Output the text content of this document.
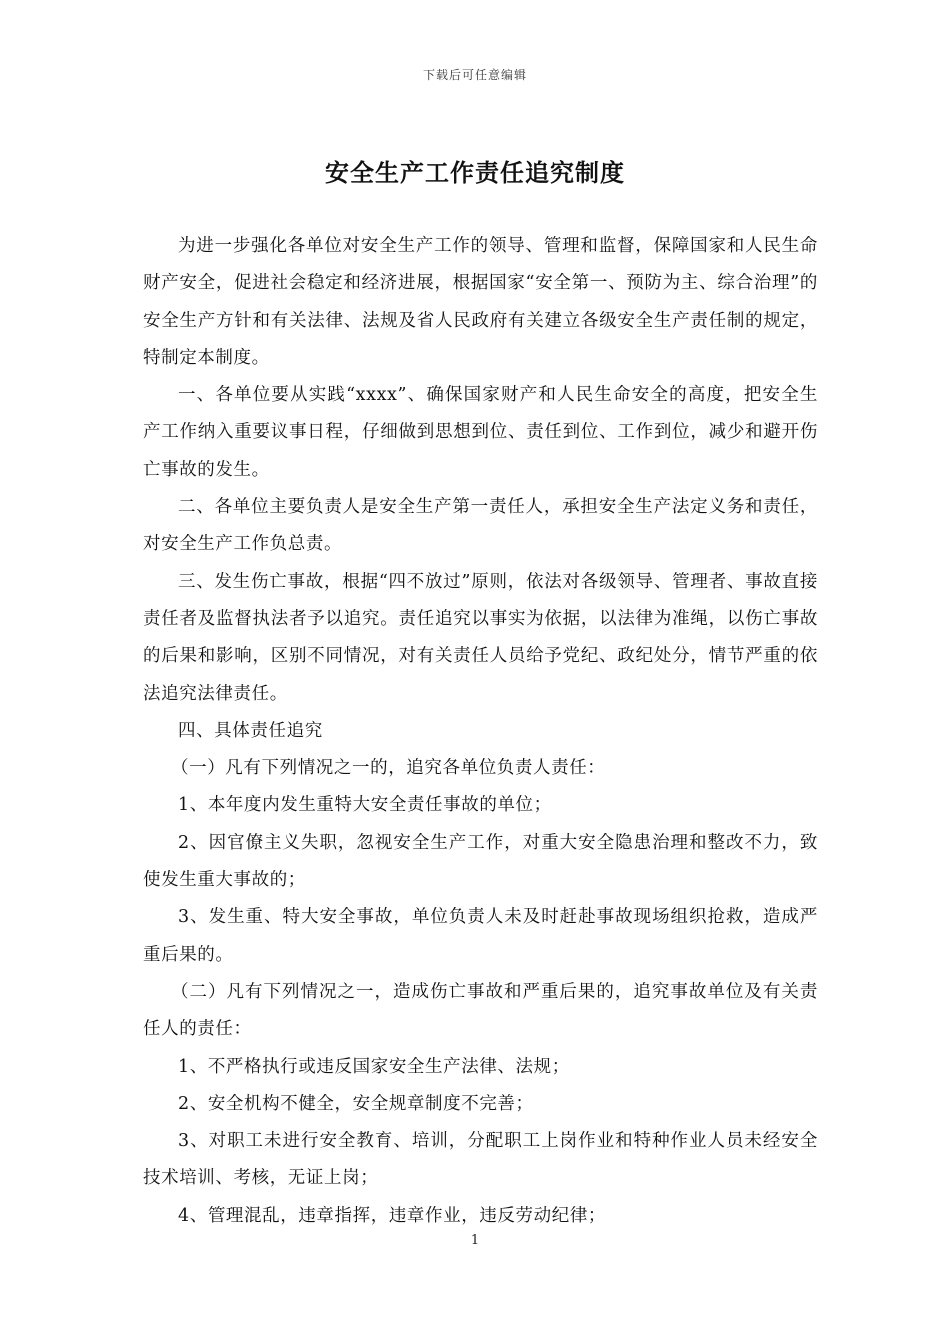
下载后可任意编辑
安全生产工作责任追究制度

为进一步强化各单位对安全生产工作的领导、管理和监督，保障国家和人民生命财产安全，促进社会稳定和经济进展，根据国家“安全第一、预防为主、综合治理”的安全生产方针和有关法律、法规及省人民政府有关建立各级安全生产责任制的规定，特制定本制度。

一、各单位要从实践“xxxx”、确保国家财产和人民生命安全的高度，把安全生产工作纳入重要议事日程，仔细做到思想到位、责任到位、工作到位，减少和避开伤亡事故的发生。

二、各单位主要负责人是安全生产第一责任人，承担安全生产法定义务和责任，对安全生产工作负总责。

三、发生伤亡事故，根据“四不放过”原则，依法对各级领导、管理者、事故直接责任者及监督执法者予以追究。责任追究以事实为依据，以法律为准绳，以伤亡事故的后果和影响，区别不同情况，对有关责任人员给予党纪、政纪处分，情节严重的依法追究法律责任。

四、具体责任追究

（一）凡有下列情况之一的，追究各单位负责人责任：

1、本年度内发生重特大安全责任事故的单位；

2、因官僚主义失职，忽视安全生产工作，对重大安全隐患治理和整改不力，致使发生重大事故的；

3、发生重、特大安全事故，单位负责人未及时赶赴事故现场组织抢救，造成严重后果的。

（二）凡有下列情况之一，造成伤亡事故和严重后果的，追究事故单位及有关责任人的责任：

1、不严格执行或违反国家安全生产法律、法规；

2、安全机构不健全，安全规章制度不完善；

3、对职工未进行安全教育、培训，分配职工上岗作业和特种作业人员未经安全技术培训、考核，无证上岗；

4、管理混乱，违章指挥，违章作业，违反劳动纪律；

1
